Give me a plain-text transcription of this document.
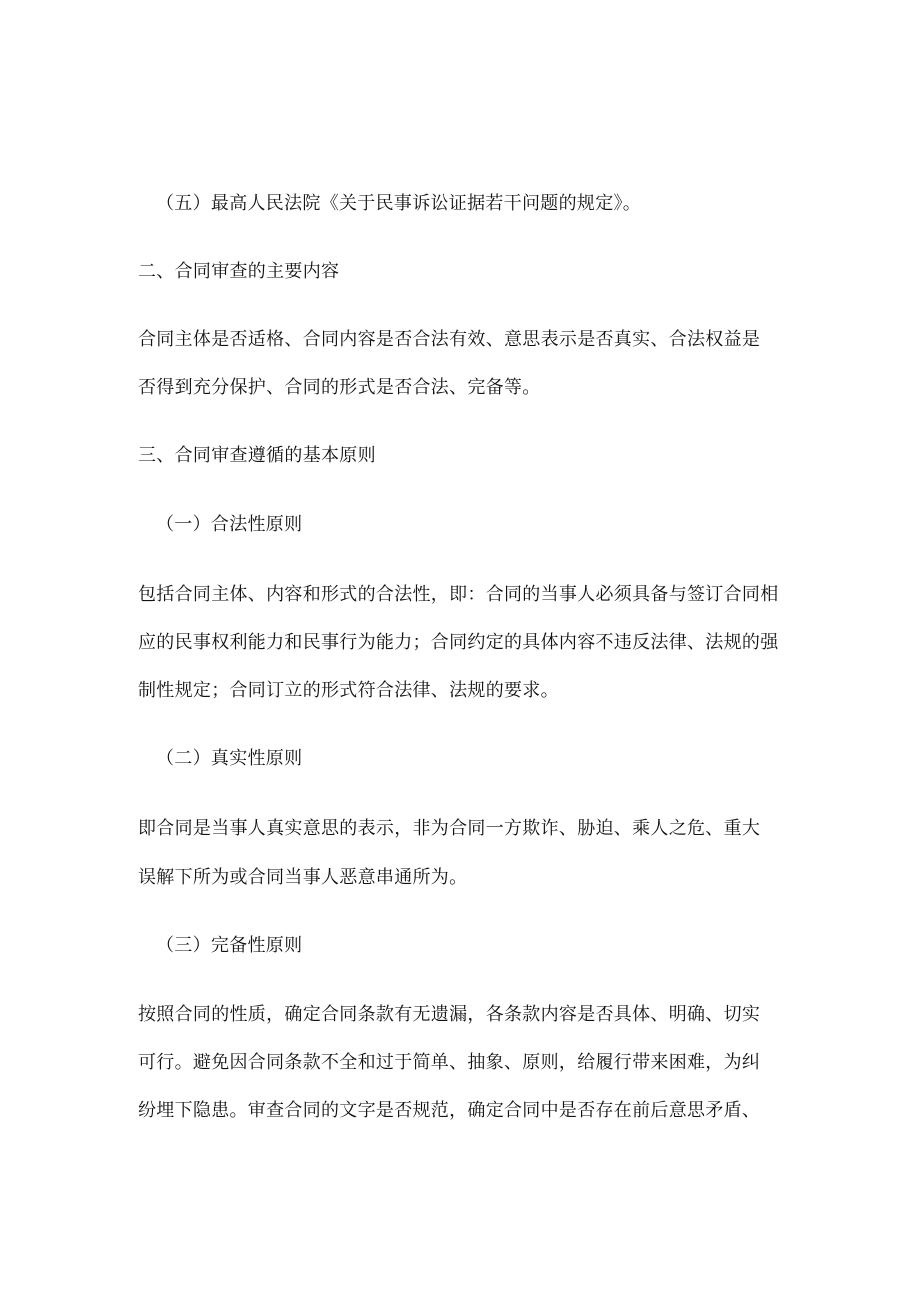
（五）最高人民法院《关于民事诉讼证据若干问题的规定》。
二、合同审查的主要内容
合同主体是否适格、合同内容是否合法有效、意思表示是否真实、合法权益是
否得到充分保护、合同的形式是否合法、完备等。
三、合同审查遵循的基本原则
（一）合法性原则
包括合同主体、内容和形式的合法性，即：合同的当事人必须具备与签订合同相
应的民事权利能力和民事行为能力；合同约定的具体内容不违反法律、法规的强
制性规定；合同订立的形式符合法律、法规的要求。
（二）真实性原则
即合同是当事人真实意思的表示，非为合同一方欺诈、胁迫、乘人之危、重大
误解下所为或合同当事人恶意串通所为。
（三）完备性原则
按照合同的性质，确定合同条款有无遗漏，各条款内容是否具体、明确、切实
可行。避免因合同条款不全和过于简单、抽象、原则，给履行带来困难，为纠
纷埋下隐患。审查合同的文字是否规范，确定合同中是否存在前后意思矛盾、
